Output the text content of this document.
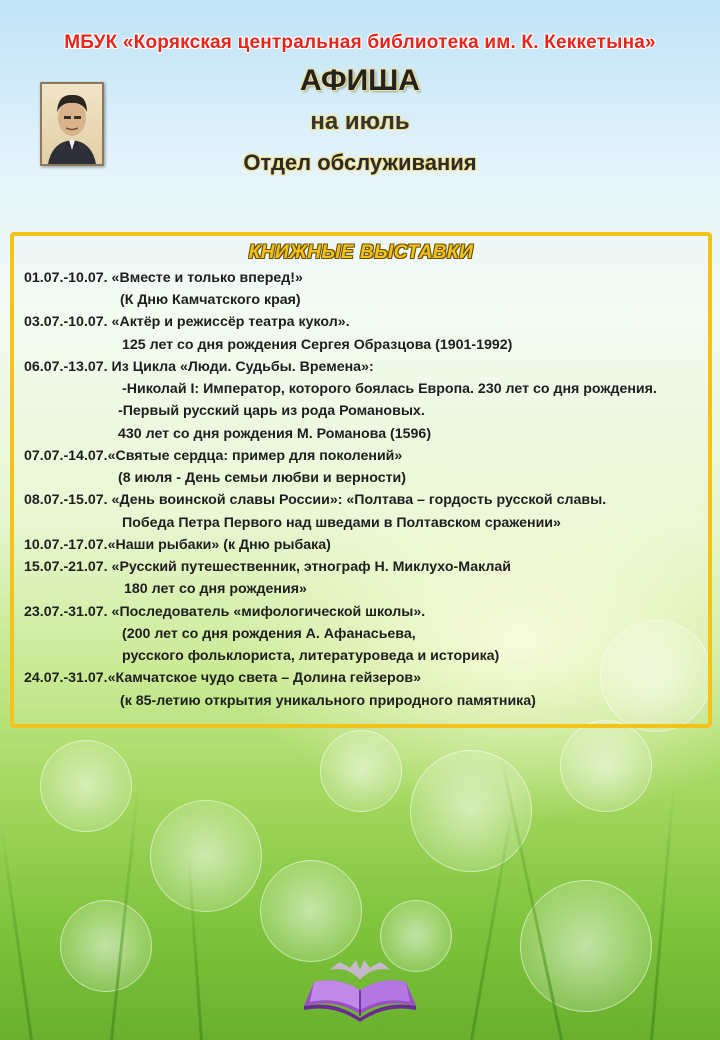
МБУК «Корякская центральная библиотека им. К. Кеккетына»
АФИША
на июль
Отдел обслуживания
КНИЖНЫЕ ВЫСТАВКИ
01.07.-10.07. «Вместе и только вперед!»
(К Дню Камчатского края)
03.07.-10.07. «Актёр и режиссёр театра кукол».
125 лет со дня рождения Сергея Образцова (1901-1992)
06.07.-13.07. Из Цикла «Люди. Судьбы. Времена»:
-Николай I: Император, которого боялась Европа. 230 лет со дня рождения.
-Первый русский царь из рода Романовых.
430 лет со дня рождения М. Романова (1596)
07.07.-14.07.«Святые сердца: пример для поколений»
(8 июля - День семьи любви и верности)
08.07.-15.07. «День воинской славы России»: «Полтава – гордость русской славы.
Победа Петра Первого над шведами в Полтавском сражении»
10.07.-17.07.«Наши рыбаки» (к Дню рыбака)
15.07.-21.07. «Русский путешественник, этнограф Н. Миклухо-Маклай
180 лет со дня рождения»
23.07.-31.07. «Последователь «мифологической школы».
(200 лет со дня рождения А. Афанасьева,
русского фольклориста, литературоведа и историка)
24.07.-31.07.«Камчатское чудо света – Долина гейзеров»
(к 85-летию открытия уникального природного памятника)
